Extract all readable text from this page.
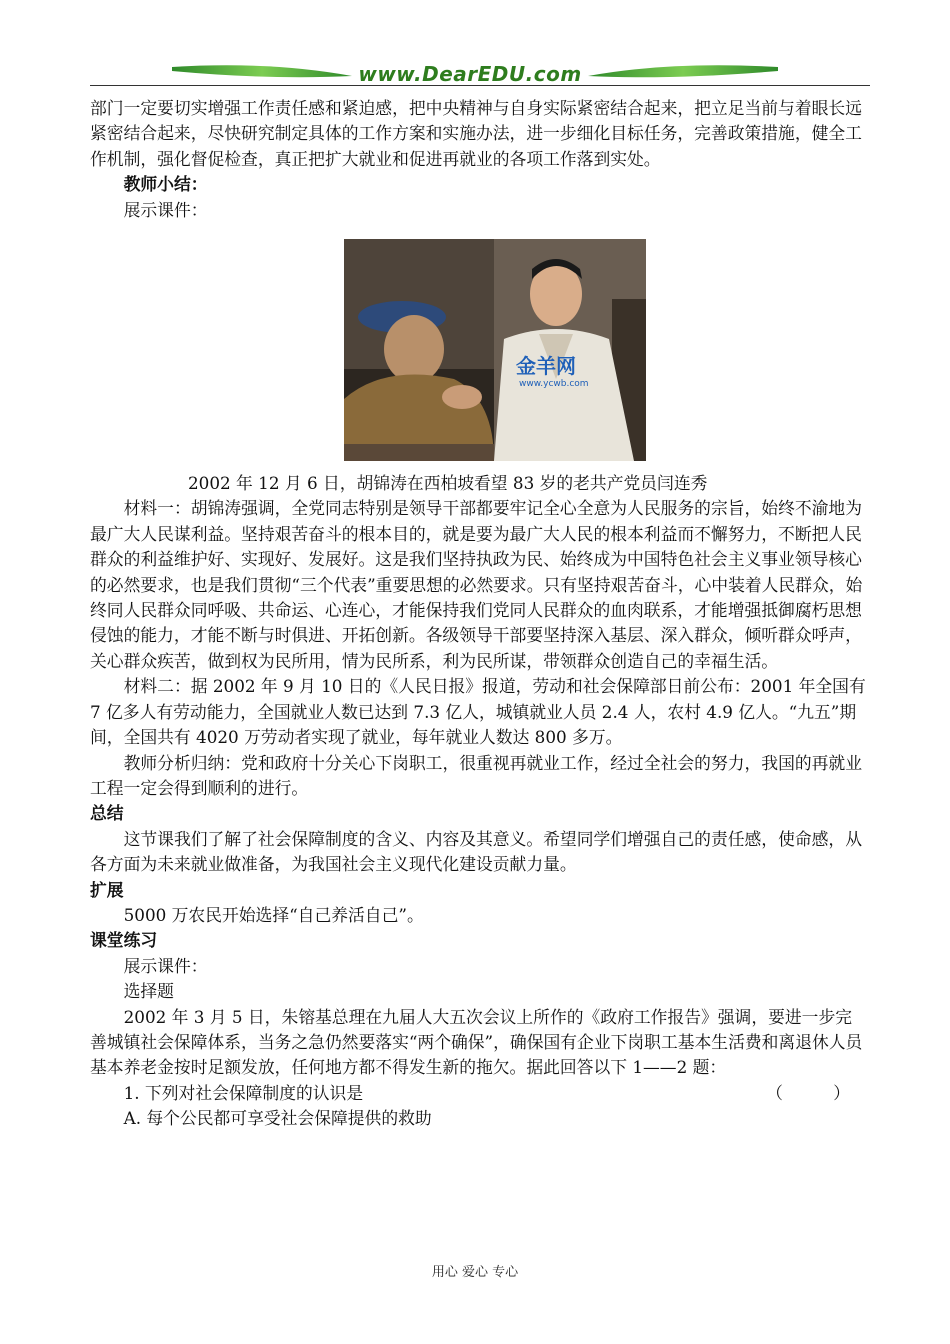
www.DearEDU.com

部门一定要切实增强工作责任感和紧迫感，把中央精神与自身实际紧密结合起来，把立足当前与着眼长远紧密结合起来，尽快研究制定具体的工作方案和实施办法，进一步细化目标任务，完善政策措施，健全工作机制，强化督促检查，真正把扩大就业和促进再就业的各项工作落到实处。

教师小结：

展示课件：

金羊网
www.ycwb.com

2002 年 12 月 6 日，胡锦涛在西柏坡看望 83 岁的老共产党员闫连秀

材料一：胡锦涛强调，全党同志特别是领导干部都要牢记全心全意为人民服务的宗旨，始终不渝地为最广大人民谋利益。坚持艰苦奋斗的根本目的，就是要为最广大人民的根本利益而不懈努力，不断把人民群众的利益维护好、实现好、发展好。这是我们坚持执政为民、始终成为中国特色社会主义事业领导核心的必然要求，也是我们贯彻“三个代表”重要思想的必然要求。只有坚持艰苦奋斗，心中装着人民群众，始终同人民群众同呼吸、共命运、心连心，才能保持我们党同人民群众的血肉联系，才能增强抵御腐朽思想侵蚀的能力，才能不断与时俱进、开拓创新。各级领导干部要坚持深入基层、深入群众，倾听群众呼声，关心群众疾苦，做到权为民所用，情为民所系，利为民所谋，带领群众创造自己的幸福生活。

材料二：据 2002 年 9 月 10 日的《人民日报》报道，劳动和社会保障部日前公布：2001 年全国有 7 亿多人有劳动能力，全国就业人数已达到 7.3 亿人，城镇就业人员 2.4 人，农村 4.9 亿人。“九五”期间，全国共有 4020 万劳动者实现了就业，每年就业人数达 800 多万。

教师分析归纳：党和政府十分关心下岗职工，很重视再就业工作，经过全社会的努力，我国的再就业工程一定会得到顺利的进行。

总结

这节课我们了解了社会保障制度的含义、内容及其意义。希望同学们增强自己的责任感，使命感，从各方面为未来就业做准备，为我国社会主义现代化建设贡献力量。

扩展

5000 万农民开始选择“自己养活自己”。

课堂练习

展示课件：

选择题

2002 年 3 月 5 日，朱镕基总理在九届人大五次会议上所作的《政府工作报告》强调，要进一步完善城镇社会保障体系，当务之急仍然要落实“两个确保”，确保国有企业下岗职工基本生活费和离退休人员基本养老金按时足额发放，任何地方都不得发生新的拖欠。据此回答以下 1——2 题：

1. 下列对社会保障制度的认识是	（　　　）

A. 每个公民都可享受社会保障提供的救助

用心 爱心 专心
